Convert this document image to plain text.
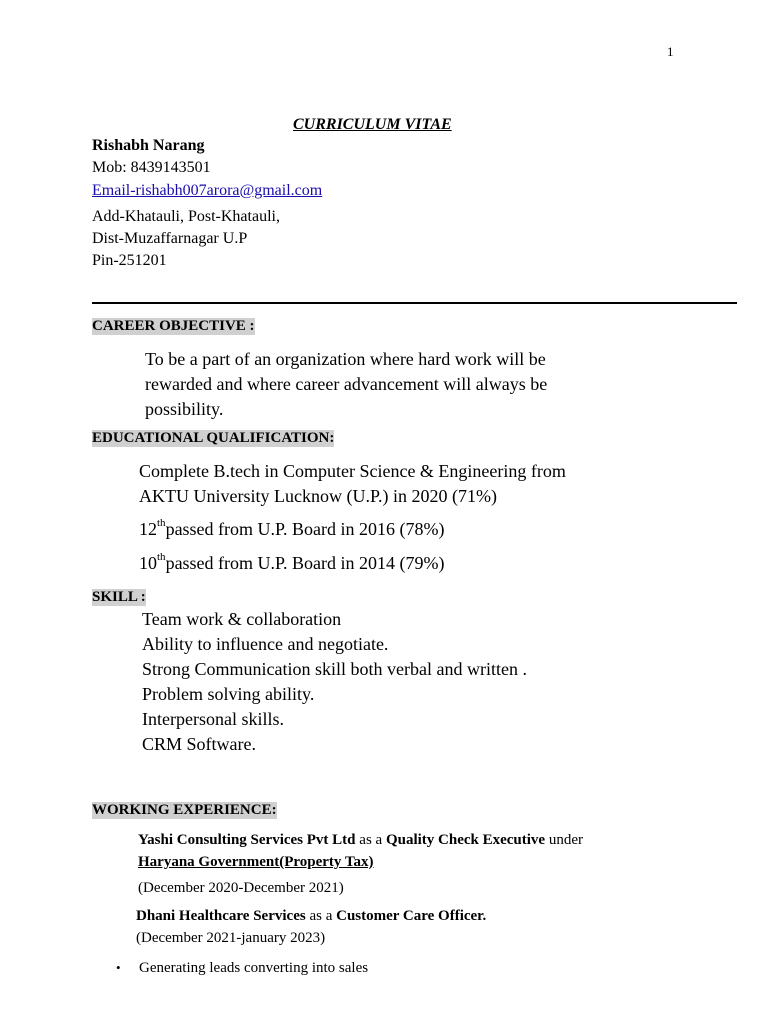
1
CURRICULUM VITAE
Rishabh Narang
Mob: 8439143501
Email-rishabh007arora@gmail.com
Add-Khatauli, Post-Khatauli,
Dist-Muzaffarnagar U.P
Pin-251201
CAREER OBJECTIVE :
To be a part of an organization where hard work will be
rewarded and where career advancement will always be
possibility.
EDUCATIONAL QUALIFICATION:
Complete B.tech in Computer Science & Engineering from
AKTU University Lucknow (U.P.) in 2020 (71%)
12thpassed from U.P. Board in 2016 (78%)
10thpassed from U.P. Board in 2014 (79%)
SKILL :
Team work & collaboration
Ability to influence and negotiate.
Strong Communication skill both verbal and written .
Problem solving ability.
Interpersonal skills.
CRM Software.
WORKING EXPERIENCE:
Yashi Consulting Services Pvt Ltd as a Quality Check Executive under
Haryana Government(Property Tax)
(December 2020-December 2021)
Dhani Healthcare Services as a Customer Care Officer.
(December 2021-january 2023)
• Generating leads converting into sales
